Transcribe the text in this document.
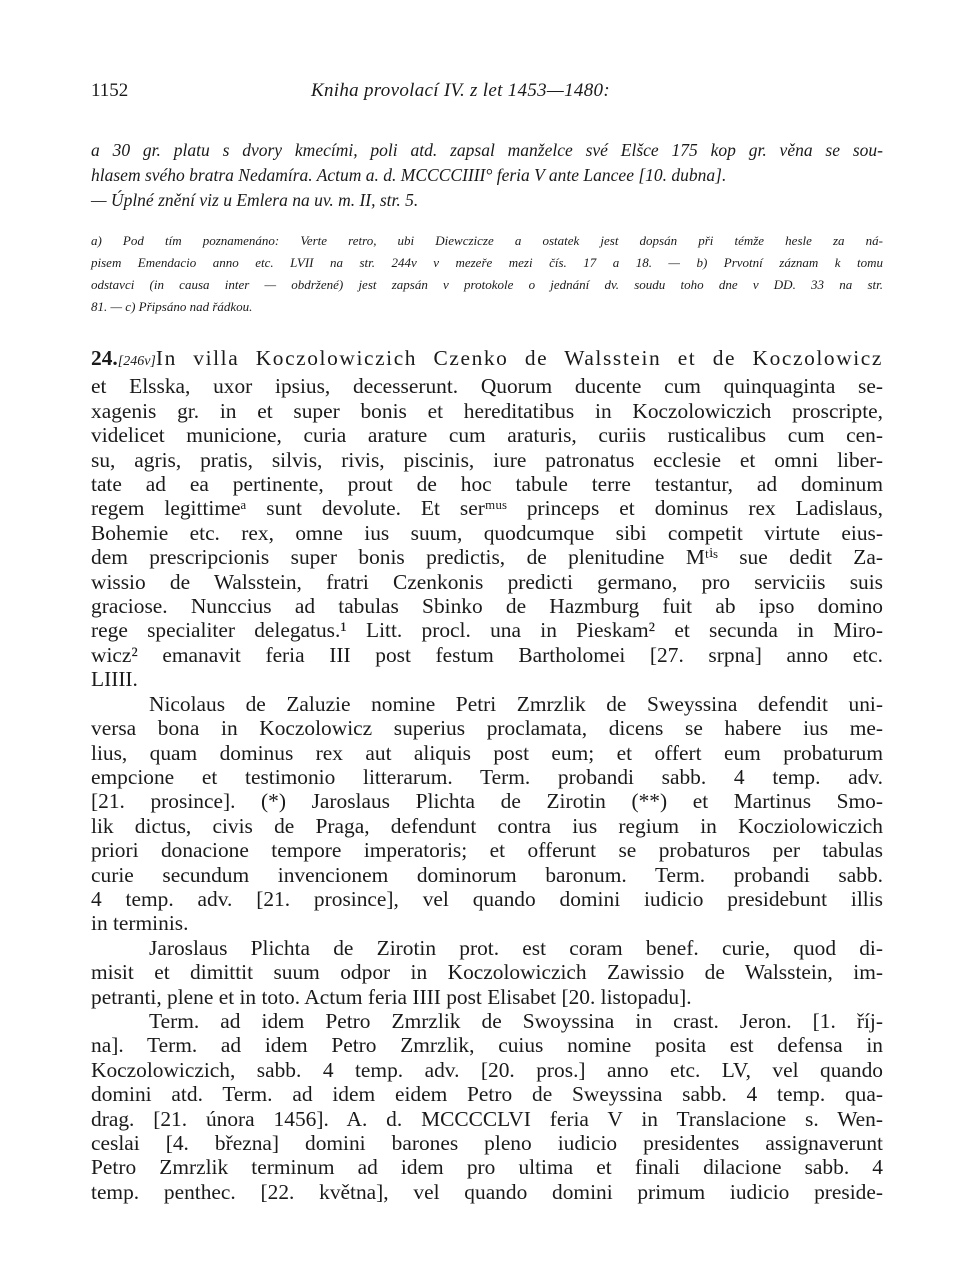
1152	Kniha provolací IV. z let 1453—1480:
a 30 gr. platu s dvory kmecími, poli atd. zapsal manželce své Elšce 175 kop gr. věna se sou-
hlasem svého bratra Nedamíra. Actum a. d. MCCCCIIII° feria V ante Lancee [10. dubna].
— Úplné znění viz u Emlera na uv. m. II, str. 5.
a) Pod tím poznamenáno: Verte retro, ubi Diewczicze a ostatek jest dopsán při témže hesle za ná-
pisem Emendacio anno etc. LVII na str. 244v v mezeře mezi čís. 17 a 18. — b) Prvotní záznam k tomu
odstavci (in causa inter — obdržené) jest zapsán v protokole o jednání dv. soudu toho dne v DD. 33 na str.
81. — c) Připsáno nad řádkou.
24.[246v]In villa Koczolowiczich Czenko de Walsstein et de Koczolowicz
et Elsska, uxor ipsius, decesserunt. Quorum ducente cum quinquaginta se-
xagenis gr. in et super bonis et hereditatibus in Koczolowiczich proscripte,
videlicet municione, curia arature cum araturis, curiis rusticalibus cum cen-
su, agris, pratis, silvis, rivis, piscinis, iure patronatus ecclesie et omni liber-
tate ad ea pertinente, prout de hoc tabule terre testantur, ad dominum
regem legittimeᵃ sunt devolute. Et serᵐᵘˢ princeps et dominus rex Ladislaus,
Bohemie etc. rex, omne ius suum, quodcumque sibi competit virtute eius-
dem prescripcionis super bonis predictis, de plenitudine Mᵗⁱˢ sue dedit Za-
wissio de Walsstein, fratri Czenkonis predicti germano, pro serviciis suis
graciose. Nunccius ad tabulas Sbinko de Hazmburg fuit ab ipso domino
rege specialiter delegatus.¹ Litt. procl. una in Pieskam² et secunda in Miro-
wicz² emanavit feria III post festum Bartholomei [27. srpna] anno etc.
LIIII.
Nicolaus de Zaluzie nomine Petri Zmrzlik de Sweyssina defendit uni-
versa bona in Koczolowicz superius proclamata, dicens se habere ius me-
lius, quam dominus rex aut aliquis post eum; et offert eum probaturum
empcione et testimonio litterarum. Term. probandi sabb. 4 temp. adv.
[21. prosince]. (*) Jaroslaus Plichta de Zirotin (**) et Martinus Smo-
lik dictus, civis de Praga, defendunt contra ius regium in Kocziolowiczich
priori donacione tempore imperatoris; et offerunt se probaturos per tabulas
curie secundum invencionem dominorum baronum. Term. probandi sabb.
4 temp. adv. [21. prosince], vel quando domini iudicio presidebunt illis
in terminis.
Jaroslaus Plichta de Zirotin prot. est coram benef. curie, quod di-
misit et dimittit suum odpor in Koczolowiczich Zawissio de Walsstein, im-
petranti, plene et in toto. Actum feria IIII post Elisabet [20. listopadu].
Term. ad idem Petro Zmrzlik de Swoyssina in crast. Jeron. [1. říj-
na]. Term. ad idem Petro Zmrzlik, cuius nomine posita est defensa in
Koczolowiczich, sabb. 4 temp. adv. [20. pros.] anno etc. LV, vel quando
domini atd. Term. ad idem eidem Petro de Sweyssina sabb. 4 temp. qua-
drag. [21. února 1456]. A. d. MCCCCLVI feria V in Translacione s. Wen-
ceslai [4. března] domini barones pleno iudicio presidentes assignaverunt
Petro Zmrzlik terminum ad idem pro ultima et finali dilacione sabb. 4
temp. penthec. [22. května], vel quando domini primum iudicio preside-
